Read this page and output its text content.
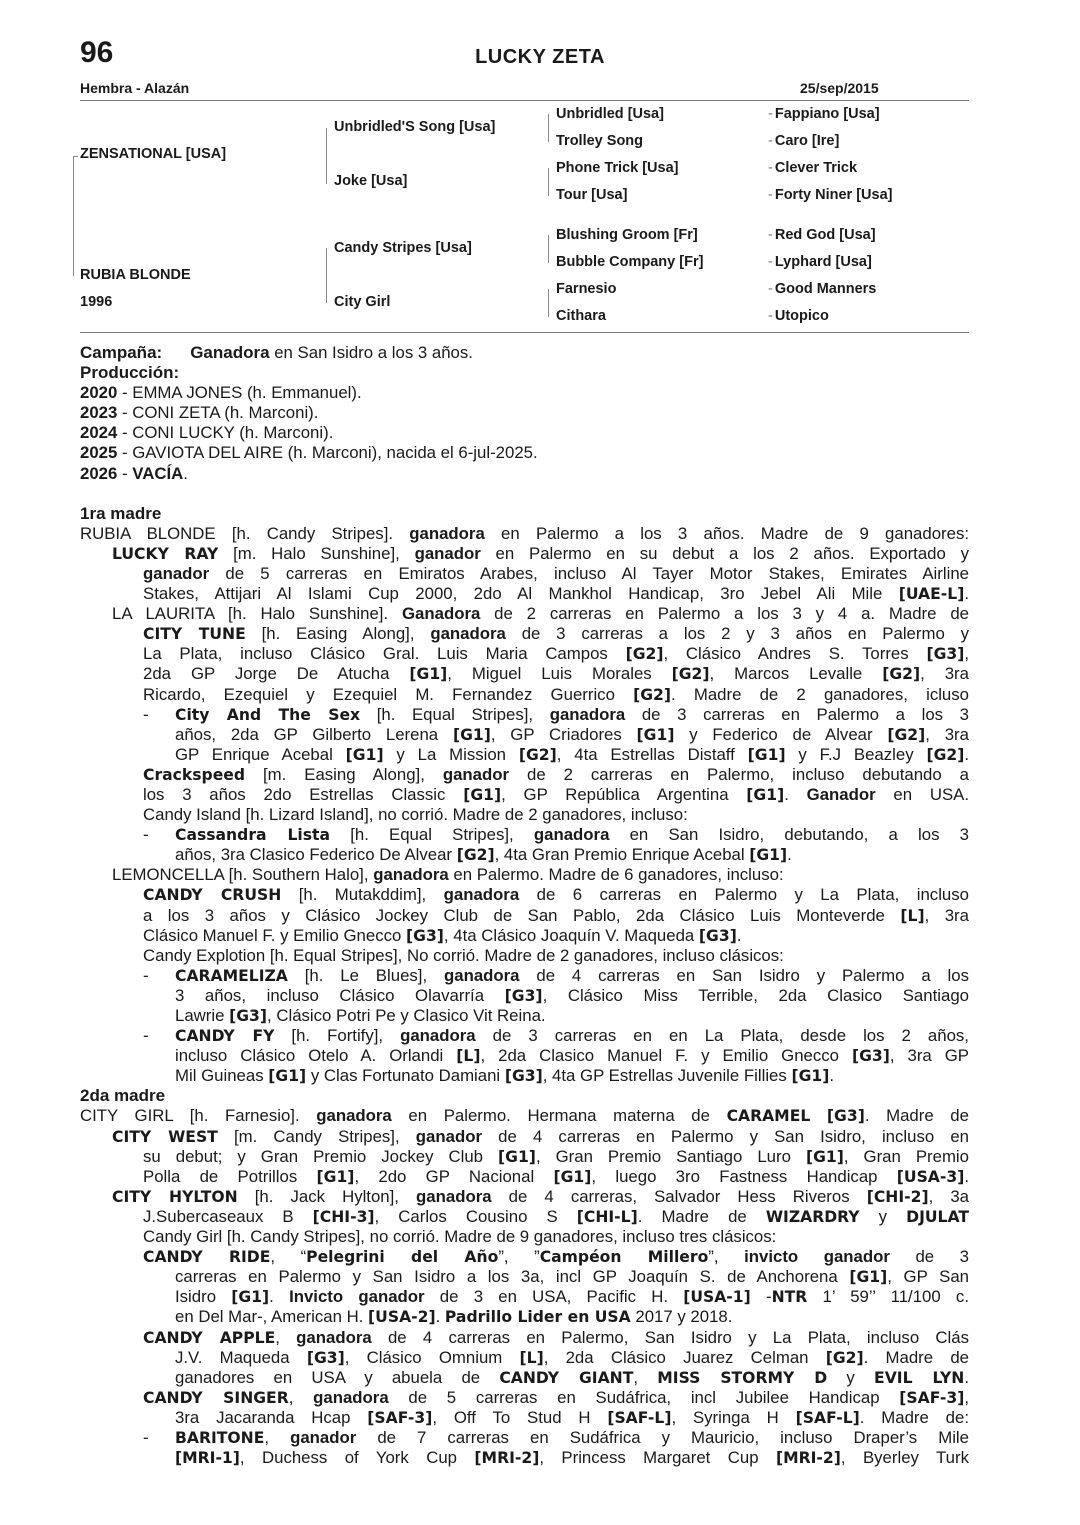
96	LUCKY ZETA
Hembra - Alazán	25/sep/2015
ZENSATIONAL [USA]
RUBIA BLONDE
1996
Unbridled'S Song [Usa]
Joke [Usa]
Candy Stripes [Usa]
City Girl
Unbridled [Usa]
Trolley Song
Phone Trick [Usa]
Tour [Usa]
Blushing Groom [Fr]
Bubble Company [Fr]
Farnesio
Cithara
- Fappiano [Usa]
- Caro [Ire]
- Clever Trick
- Forty Niner [Usa]
- Red God [Usa]
- Lyphard [Usa]
- Good Manners
- Utopico
Campaña: Ganadora en San Isidro a los 3 años.
Producción:
2020 - EMMA JONES (h. Emmanuel).
2023 - CONI ZETA (h. Marconi).
2024 - CONI LUCKY (h. Marconi).
2025 - GAVIOTA DEL AIRE (h. Marconi), nacida el 6-jul-2025.
2026 - VACÍA.
1ra madre
RUBIA BLONDE [h. Candy Stripes]. ganadora en Palermo a los 3 años. Madre de 9 ganadores:
LUCKY RAY [m. Halo Sunshine], ganador en Palermo en su debut a los 2 años. Exportado y
ganador de 5 carreras en Emiratos Arabes, incluso Al Tayer Motor Stakes, Emirates Airline
Stakes, Attijari Al Islami Cup 2000, 2do Al Mankhol Handicap, 3ro Jebel Ali Mile [UAE-L].
LA LAURITA [h. Halo Sunshine]. Ganadora de 2 carreras en Palermo a los 3 y 4 a. Madre de
CITY TUNE [h. Easing Along], ganadora de 3 carreras a los 2 y 3 años en Palermo y
La Plata, incluso Clásico Gral. Luis Maria Campos [G2], Clásico Andres S. Torres [G3],
2da GP Jorge De Atucha [G1], Miguel Luis Morales [G2], Marcos Levalle [G2], 3ra
Ricardo, Ezequiel y Ezequiel M. Fernandez Guerrico [G2]. Madre de 2 ganadores, icluso
- City And The Sex [h. Equal Stripes], ganadora de 3 carreras en Palermo a los 3
años, 2da GP Gilberto Lerena [G1], GP Criadores [G1] y Federico de Alvear [G2], 3ra
GP Enrique Acebal [G1] y La Mission [G2], 4ta Estrellas Distaff [G1] y F.J Beazley [G2].
Crackspeed [m. Easing Along], ganador de 2 carreras en Palermo, incluso debutando a
los 3 años 2do Estrellas Classic [G1], GP República Argentina [G1]. Ganador en USA.
Candy Island [h. Lizard Island], no corrió. Madre de 2 ganadores, incluso:
- Cassandra Lista [h. Equal Stripes], ganadora en San Isidro, debutando, a los 3
años, 3ra Clasico Federico De Alvear [G2], 4ta Gran Premio Enrique Acebal [G1].
LEMONCELLA [h. Southern Halo], ganadora en Palermo. Madre de 6 ganadores, incluso:
CANDY CRUSH [h. Mutakddim], ganadora de 6 carreras en Palermo y La Plata, incluso
a los 3 años y Clásico Jockey Club de San Pablo, 2da Clásico Luis Monteverde [L], 3ra
Clásico Manuel F. y Emilio Gnecco [G3], 4ta Clásico Joaquín V. Maqueda [G3].
Candy Explotion [h. Equal Stripes], No corrió. Madre de 2 ganadores, incluso clásicos:
- CARAMELIZA [h. Le Blues], ganadora de 4 carreras en San Isidro y Palermo a los
3 años, incluso Clásico Olavarría [G3], Clásico Miss Terrible, 2da Clasico Santiago
Lawrie [G3], Clásico Potri Pe y Clasico Vit Reina.
- CANDY FY [h. Fortify], ganadora de 3 carreras en en La Plata, desde los 2 años,
incluso Clásico Otelo A. Orlandi [L], 2da Clasico Manuel F. y Emilio Gnecco [G3], 3ra GP
Mil Guineas [G1] y Clas Fortunato Damiani [G3], 4ta GP Estrellas Juvenile Fillies [G1].
2da madre
CITY GIRL [h. Farnesio]. ganadora en Palermo. Hermana materna de CARAMEL [G3]. Madre de
CITY WEST [m. Candy Stripes], ganador de 4 carreras en Palermo y San Isidro, incluso en
su debut; y Gran Premio Jockey Club [G1], Gran Premio Santiago Luro [G1], Gran Premio
Polla de Potrillos [G1], 2do GP Nacional [G1], luego 3ro Fastness Handicap [USA-3].
CITY HYLTON [h. Jack Hylton], ganadora de 4 carreras, Salvador Hess Riveros [CHI-2], 3a
J.Subercaseaux B [CHI-3], Carlos Cousino S [CHI-L]. Madre de WIZARDRY y DJULAT
Candy Girl [h. Candy Stripes], no corrió. Madre de 9 ganadores, incluso tres clásicos:
CANDY RIDE, “Pelegrini del Año”, ”Campéon Millero”, invicto ganador de 3
carreras en Palermo y San Isidro a los 3a, incl GP Joaquín S. de Anchorena [G1], GP San
Isidro [G1]. Invicto ganador de 3 en USA, Pacific H. [USA-1] -NTR 1’ 59’’ 11/100 c.
en Del Mar-, American H. [USA-2]. Padrillo Lider en USA 2017 y 2018.
CANDY APPLE, ganadora de 4 carreras en Palermo, San Isidro y La Plata, incluso Clás
J.V. Maqueda [G3], Clásico Omnium [L], 2da Clásico Juarez Celman [G2]. Madre de
ganadores en USA y abuela de CANDY GIANT, MISS STORMY D y EVIL LYN.
CANDY SINGER, ganadora de 5 carreras en Sudáfrica, incl Jubilee Handicap [SAF-3],
3ra Jacaranda Hcap [SAF-3], Off To Stud H [SAF-L], Syringa H [SAF-L]. Madre de:
- BARITONE, ganador de 7 carreras en Sudáfrica y Mauricio, incluso Draper’s Mile
[MRI-1], Duchess of York Cup [MRI-2], Princess Margaret Cup [MRI-2], Byerley Turk
